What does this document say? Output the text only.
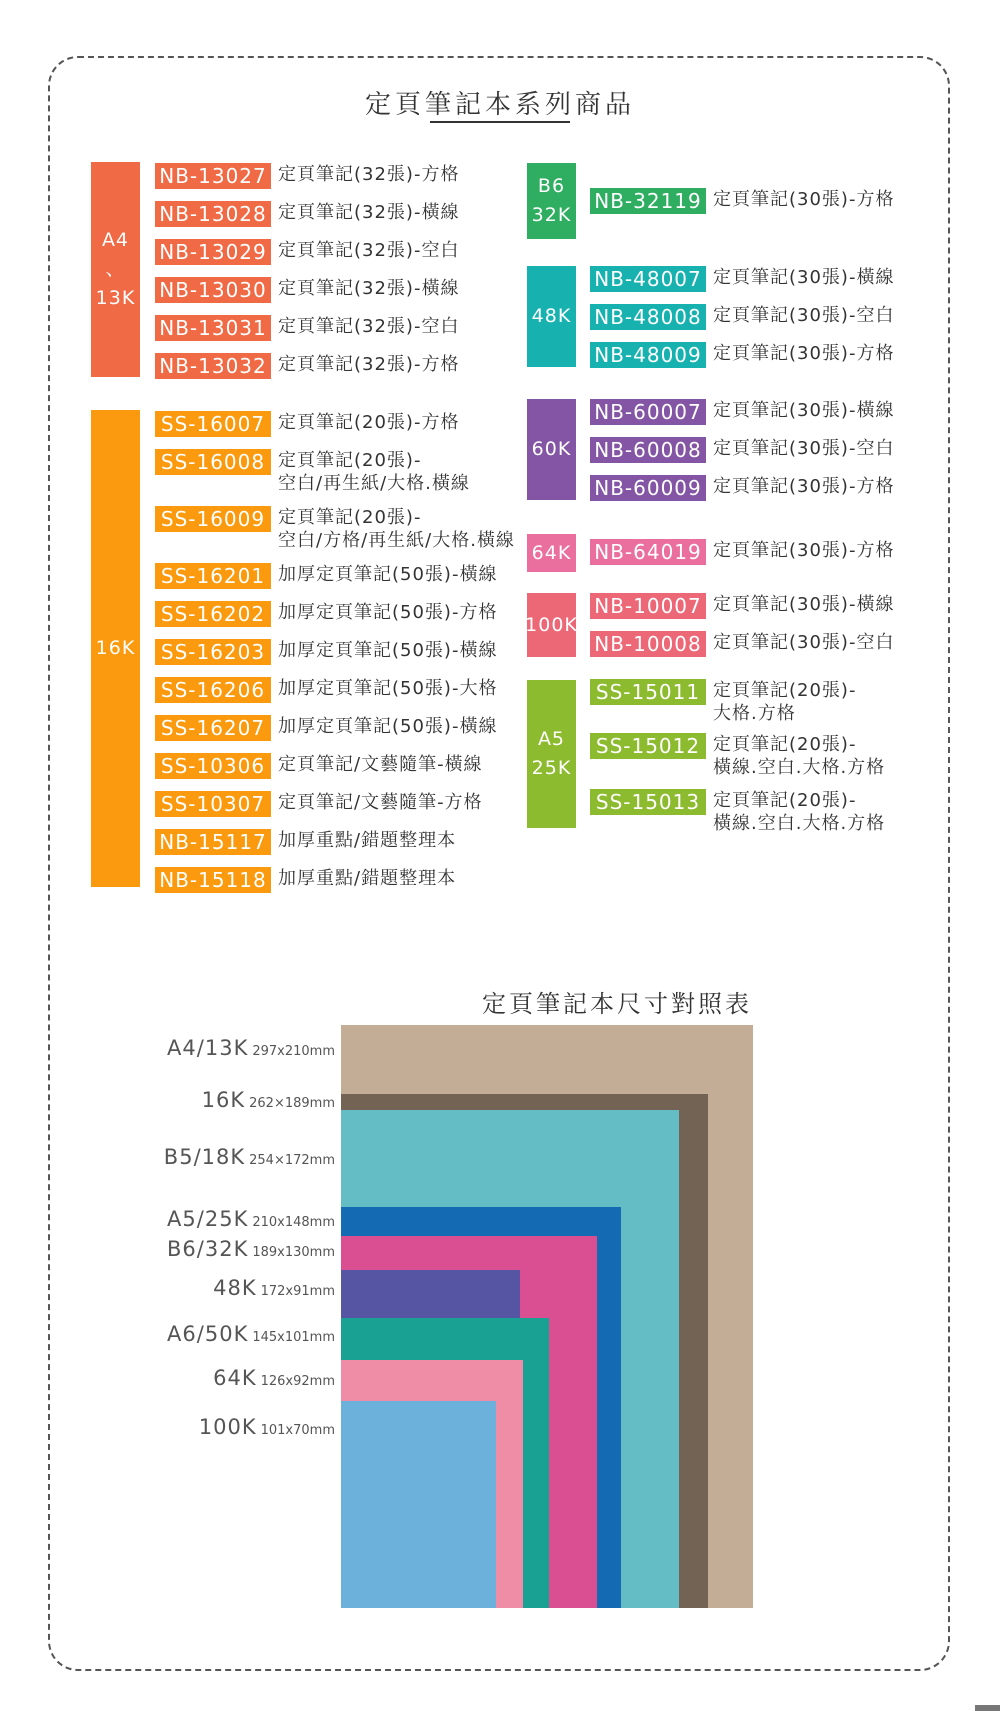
定頁筆記本系列商品
A4
、
13K
NB-13027 定頁筆記(32張)-方格
NB-13028 定頁筆記(32張)-橫線
NB-13029 定頁筆記(32張)-空白
NB-13030 定頁筆記(32張)-橫線
NB-13031 定頁筆記(32張)-空白
NB-13032 定頁筆記(32張)-方格
16K
SS-16007 定頁筆記(20張)-方格
SS-16008 定頁筆記(20張)-
空白/再生紙/大格.橫線
SS-16009 定頁筆記(20張)-
空白/方格/再生紙/大格.橫線
SS-16201 加厚定頁筆記(50張)-橫線
SS-16202 加厚定頁筆記(50張)-方格
SS-16203 加厚定頁筆記(50張)-橫線
SS-16206 加厚定頁筆記(50張)-大格
SS-16207 加厚定頁筆記(50張)-橫線
SS-10306 定頁筆記/文藝隨筆-橫線
SS-10307 定頁筆記/文藝隨筆-方格
NB-15117 加厚重點/錯題整理本
NB-15118 加厚重點/錯題整理本
B6
32K
NB-32119 定頁筆記(30張)-方格
48K
NB-48007 定頁筆記(30張)-橫線
NB-48008 定頁筆記(30張)-空白
NB-48009 定頁筆記(30張)-方格
60K
NB-60007 定頁筆記(30張)-橫線
NB-60008 定頁筆記(30張)-空白
NB-60009 定頁筆記(30張)-方格
64K NB-64019 定頁筆記(30張)-方格
100K
NB-10007 定頁筆記(30張)-橫線
NB-10008 定頁筆記(30張)-空白
A5
25K
SS-15011 定頁筆記(20張)-
大格.方格
SS-15012 定頁筆記(20張)-
橫線.空白.大格.方格
SS-15013 定頁筆記(20張)-
橫線.空白.大格.方格
定頁筆記本尺寸對照表
A4/13K 297x210mm
16K 262×189mm
B5/18K 254×172mm
A5/25K 210x148mm
B6/32K 189x130mm
48K 172x91mm
A6/50K 145x101mm
64K 126x92mm
100K 101x70mm
